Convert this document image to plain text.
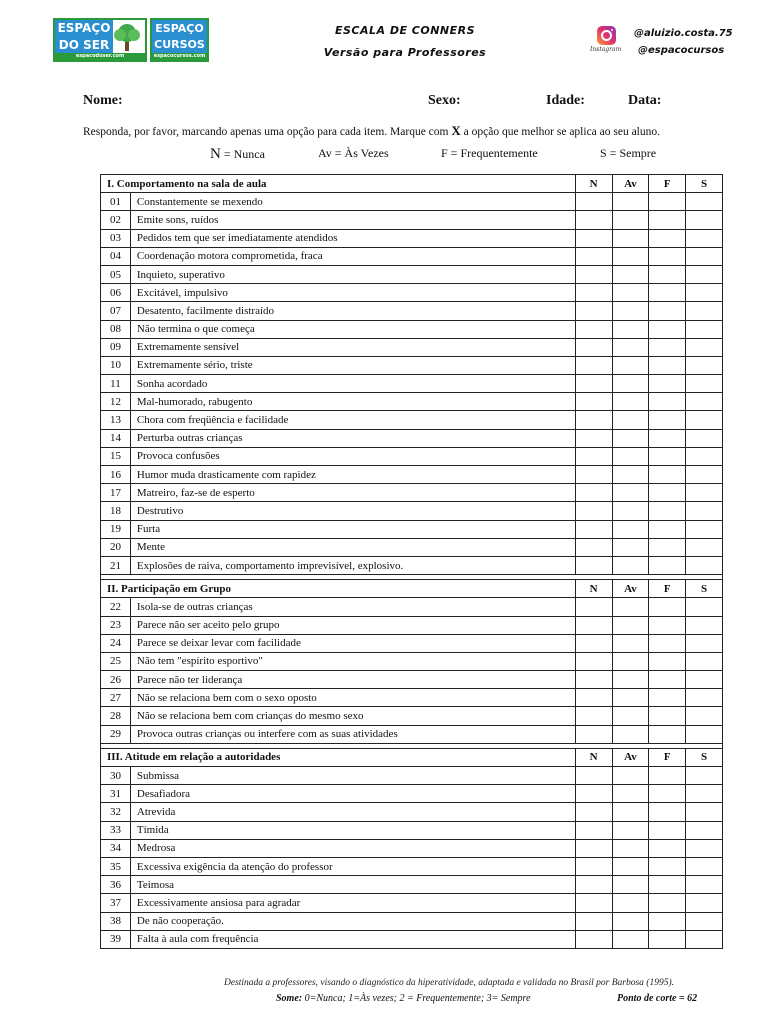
ESPAÇO
DO SER
espacodoser.com
ESPAÇO
CURSOS
espacocursos.com
ESCALA DE CONNERS
Versão para Professores	Instagram
@aluizio.costa.75
@espacocursos
Nome:	Sexo:	Idade:	Data:
Responda, por favor, marcando apenas uma opção para cada item. Marque com X a opção que melhor se aplica ao seu aluno.
N = Nunca	Av = Às Vezes	F = Frequentemente	S = Sempre
I. Comportamento na sala de aula		N	Av	F	S
01	Constantemente se mexendo				
02	Emite sons, ruídos				
03	Pedidos tem que ser imediatamente atendidos				
04	Coordenação motora comprometida, fraca				
05	Inquieto, superativo				
06	Excitável, impulsivo				
07	Desatento, facilmente distraído				
08	Não termina o que começa				
09	Extremamente sensível				
10	Extremamente sério, triste				
11	Sonha acordado				
12	Mal-humorado, rabugento				
13	Chora com freqüência e facilidade				
14	Perturba outras crianças				
15	Provoca confusões				
16	Humor muda drasticamente com rapidez				
17	Matreiro, faz-se de esperto				
18	Destrutivo				
19	Furta				
20	Mente				
21	Explosões de raiva, comportamento imprevisível, explosivo.				

II. Participação em Grupo		N	Av	F	S
22	Isola-se de outras crianças				
23	Parece não ser aceito pelo grupo				
24	Parece se deixar levar com facilidade				
25	Não tem "espírito esportivo"				
26	Parece não ter liderança				
27	Não se relaciona bem com o sexo oposto				
28	Não se relaciona bem com crianças do mesmo sexo				
29	Provoca outras crianças ou interfere com as suas atividades				

III. Atitude em relação a autoridades		N	Av	F	S
30	Submissa				
31	Desafiadora				
32	Atrevida				
33	Tímida				
34	Medrosa				
35	Excessiva exigência da atenção do professor				
36	Teimosa				
37	Excessivamente ansiosa para agradar				
38	De não cooperação.				
39	Falta à aula com frequência				
Destinada a professores, visando o diagnóstico da hiperatividade, adaptada e validada no Brasil por Barbosa (1995).
Some: 0=Nunca; 1=Às vezes; 2 = Frequentemente; 3= Sempre	Ponto de corte = 62
